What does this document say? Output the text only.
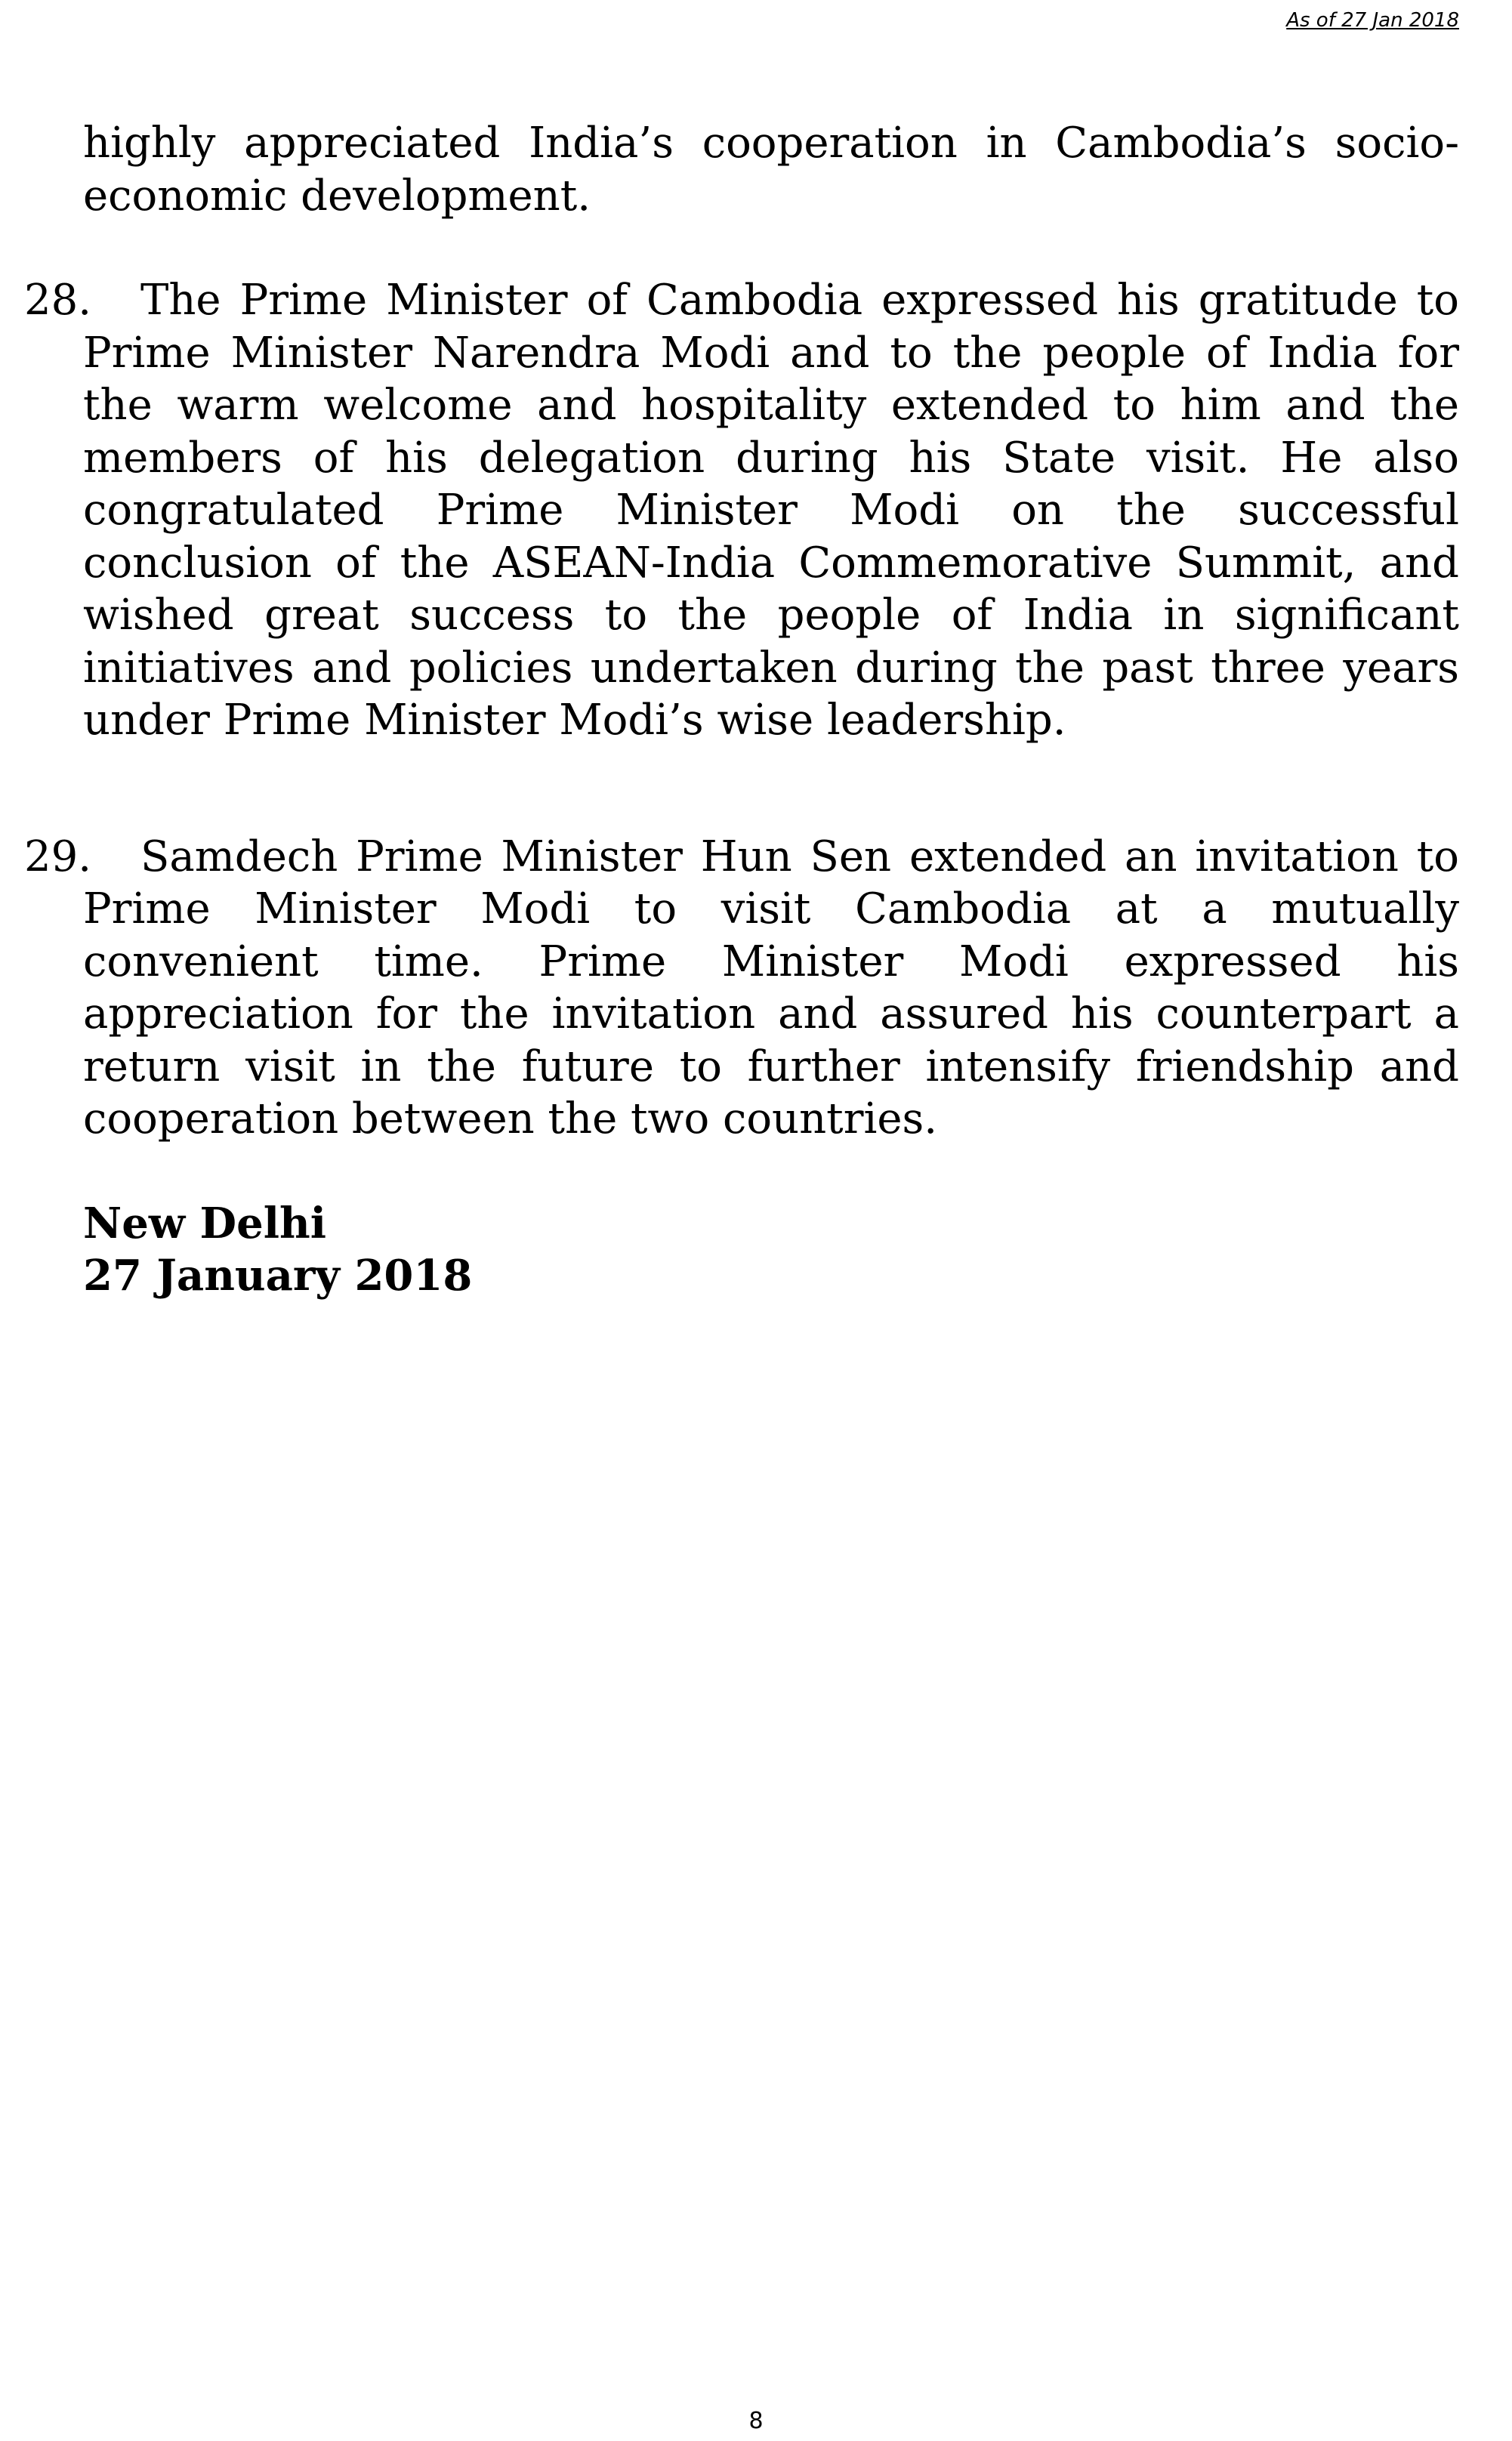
As of 27 Jan 2018

highly appreciated India’s cooperation in Cambodia’s socio-economic development.

28. The Prime Minister of Cambodia expressed his gratitude to Prime Minister Narendra Modi and to the people of India for the warm welcome and hospitality extended to him and the members of his delegation during his State visit. He also congratulated Prime Minister Modi on the successful conclusion of the ASEAN-India Commemorative Summit, and wished great success to the people of India in significant initiatives and policies undertaken during the past three years under Prime Minister Modi’s wise leadership.
29. Samdech Prime Minister Hun Sen extended an invitation to Prime Minister Modi to visit Cambodia at a mutually convenient time. Prime Minister Modi expressed his appreciation for the invitation and assured his counterpart a return visit in the future to further intensify friendship and cooperation between the two countries.
New Delhi
27 January 2018
8
